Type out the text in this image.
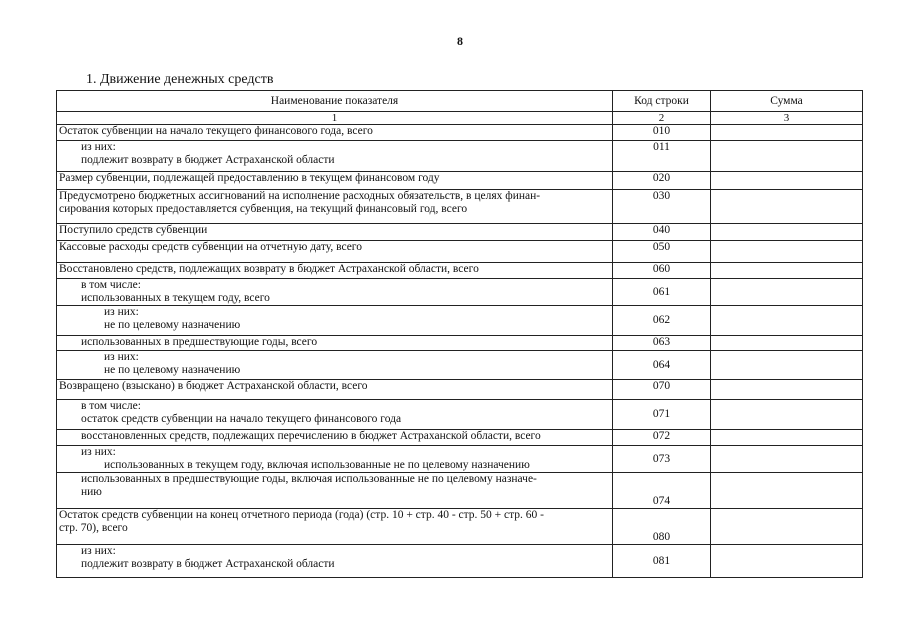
8
1. Движение денежных средств
Наименование показателя	Код строки	Сумма
1	2	3

Остаток субвенции на начало текущего финансового года, всего	010	

из них:
подлежит возврату в бюджет Астраханской области	011	

Размер субвенции, подлежащей предоставлению в текущем финансовом году	020	

Предусмотрено бюджетных ассигнований на исполнение расходных обязательств, в целях финан-
сирования которых предоставляется субвенция, на текущий финансовый год, всего	030	

Поступило средств субвенции	040	

Кассовые расходы средств субвенции на отчетную дату, всего	050	

Восстановлено средств, подлежащих возврату в бюджет Астраханской области, всего	060	

в том числе:
использованных в текущем году, всего	061	

из них:
не по целевому назначению	062	

использованных в предшествующие годы, всего	063	

из них:
не по целевому назначению	064	

Возвращено (взыскано) в бюджет Астраханской области, всего	070	

в том числе:
остаток средств субвенции на начало текущего финансового года	071	

восстановленных средств, подлежащих перечислению в бюджет Астраханской области, всего	072	

из них:
использованных в текущем году, включая использованные не по целевому назначению	073	

использованных в предшествующие годы, включая использованные не по целевому назначе-
нию	074	

Остаток средств субвенции на конец отчетного периода (года) (стр. 10 + стр. 40 - стр. 50 + стр. 60 -
стр. 70), всего	080	

из них:
подлежит возврату в бюджет Астраханской области	081	
